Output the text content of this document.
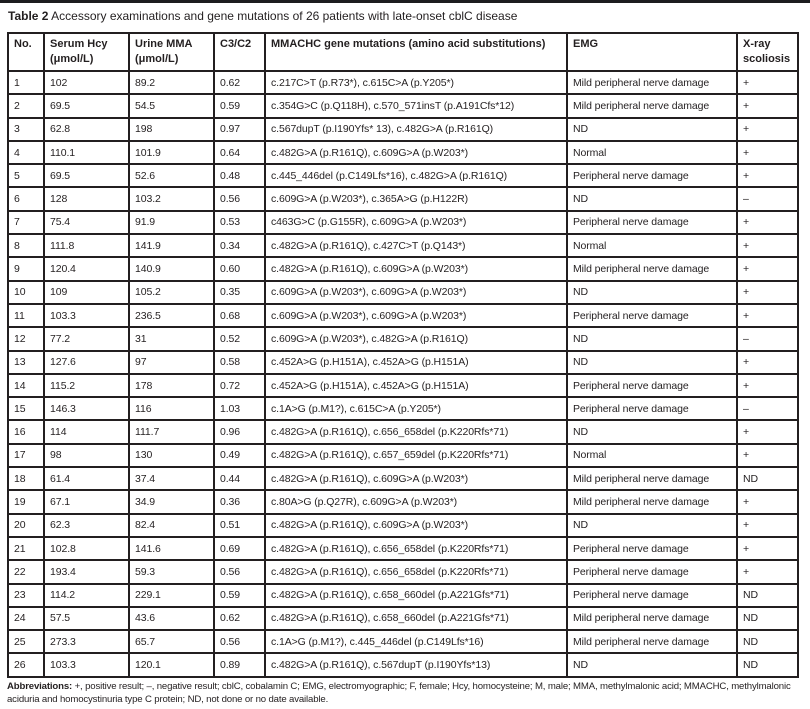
Table 2 Accessory examinations and gene mutations of 26 patients with late-onset cblC disease
No.	Serum Hcy (μmol/L)	Urine MMA (μmol/L)	C3/C2	MMACHC gene mutations (amino acid substitutions)	EMG	X-ray scoliosis
1	102	89.2	0.62	c.217C>T (p.R73*), c.615C>A (p.Y205*)	Mild peripheral nerve damage	+
2	69.5	54.5	0.59	c.354G>C (p.Q118H), c.570_571insT (p.A191Cfs*12)	Mild peripheral nerve damage	+
3	62.8	198	0.97	c.567dupT (p.I190Yfs* 13), c.482G>A (p.R161Q)	ND	+
4	110.1	101.9	0.64	c.482G>A (p.R161Q), c.609G>A (p.W203*)	Normal	+
5	69.5	52.6	0.48	c.445_446del (p.C149Lfs*16), c.482G>A (p.R161Q)	Peripheral nerve damage	+
6	128	103.2	0.56	c.609G>A (p.W203*), c.365A>G (p.H122R)	ND	–
7	75.4	91.9	0.53	c463G>C (p.G155R), c.609G>A (p.W203*)	Peripheral nerve damage	+
8	111.8	141.9	0.34	c.482G>A (p.R161Q), c.427C>T (p.Q143*)	Normal	+
9	120.4	140.9	0.60	c.482G>A (p.R161Q), c.609G>A (p.W203*)	Mild peripheral nerve damage	+
10	109	105.2	0.35	c.609G>A (p.W203*), c.609G>A (p.W203*)	ND	+
11	103.3	236.5	0.68	c.609G>A (p.W203*), c.609G>A (p.W203*)	Peripheral nerve damage	+
12	77.2	31	0.52	c.609G>A (p.W203*), c.482G>A (p.R161Q)	ND	–
13	127.6	97	0.58	c.452A>G (p.H151A), c.452A>G (p.H151A)	ND	+
14	115.2	178	0.72	c.452A>G (p.H151A), c.452A>G (p.H151A)	Peripheral nerve damage	+
15	146.3	116	1.03	c.1A>G (p.M1?), c.615C>A (p.Y205*)	Peripheral nerve damage	–
16	114	111.7	0.96	c.482G>A (p.R161Q), c.656_658del (p.K220Rfs*71)	ND	+
17	98	130	0.49	c.482G>A (p.R161Q), c.657_659del (p.K220Rfs*71)	Normal	+
18	61.4	37.4	0.44	c.482G>A (p.R161Q), c.609G>A (p.W203*)	Mild peripheral nerve damage	ND
19	67.1	34.9	0.36	c.80A>G (p.Q27R), c.609G>A (p.W203*)	Mild peripheral nerve damage	+
20	62.3	82.4	0.51	c.482G>A (p.R161Q), c.609G>A (p.W203*)	ND	+
21	102.8	141.6	0.69	c.482G>A (p.R161Q), c.656_658del (p.K220Rfs*71)	Peripheral nerve damage	+
22	193.4	59.3	0.56	c.482G>A (p.R161Q), c.656_658del (p.K220Rfs*71)	Peripheral nerve damage	+
23	114.2	229.1	0.59	c.482G>A (p.R161Q), c.658_660del (p.A221Gfs*71)	Peripheral nerve damage	ND
24	57.5	43.6	0.62	c.482G>A (p.R161Q), c.658_660del (p.A221Gfs*71)	Mild peripheral nerve damage	ND
25	273.3	65.7	0.56	c.1A>G (p.M1?), c.445_446del (p.C149Lfs*16)	Mild peripheral nerve damage	ND
26	103.3	120.1	0.89	c.482G>A (p.R161Q), c.567dupT (p.I190Yfs*13)	ND	ND
Abbreviations: +, positive result; –, negative result; cblC, cobalamin C; EMG, electromyographic; F, female; Hcy, homocysteine; M, male; MMA, methylmalonic acid; MMACHC, methylmalonic aciduria and homocystinuria type C protein; ND, not done or no date available.
